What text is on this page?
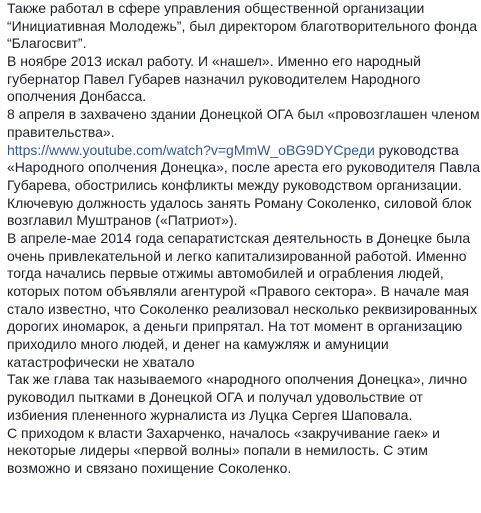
Также работал в сфере управления общественной организации
“Инициативная Молодежь”, был директором благотворительного фонда
“Благосвит”.
В ноябре 2013 искал работу. И «нашел». Именно его народный
губернатор Павел Губарев назначил руководителем Народного
ополчения Донбасса.
8 апреля в захвачено здании Донецкой ОГА был «провозглашен членом
правительства».
https://www.youtube.com/watch?v=gMmW_oBG9DYСреди руководства
«Народного ополчения Донецка», после ареста его руководителя Павла
Губарева, обострились конфликты между руководством организации.
Ключевую должность удалось занять Роману Соколенко, силовой блок
возглавил Муштранов («Патриот»).
В апреле-мае 2014 года сепаратистская деятельность в Донецке была
очень привлекательной и легко капитализированной работой. Именно
тогда начались первые отжимы автомобилей и ограбления людей,
которых потом объявляли агентурой «Правого сектора». В начале мая
стало известно, что Соколенко реализовал несколько реквизированных
дорогих иномарок, а деньги припрятал. На тот момент в организацию
приходило много людей, и денег на камужляж и амуниции
катастрофически не хватало
Так же глава так называемого «народного ополчения Донецка», лично
руководил пытками в Донецкой ОГА и получал удовольствие от
избиения плененного журналиста из Луцка Сергея Шаповала.
С приходом к власти Захарченко, началось «закручивание гаек» и
некоторые лидеры «первой волны» попали в немилость. С этим
возможно и связано похищение Соколенко.
